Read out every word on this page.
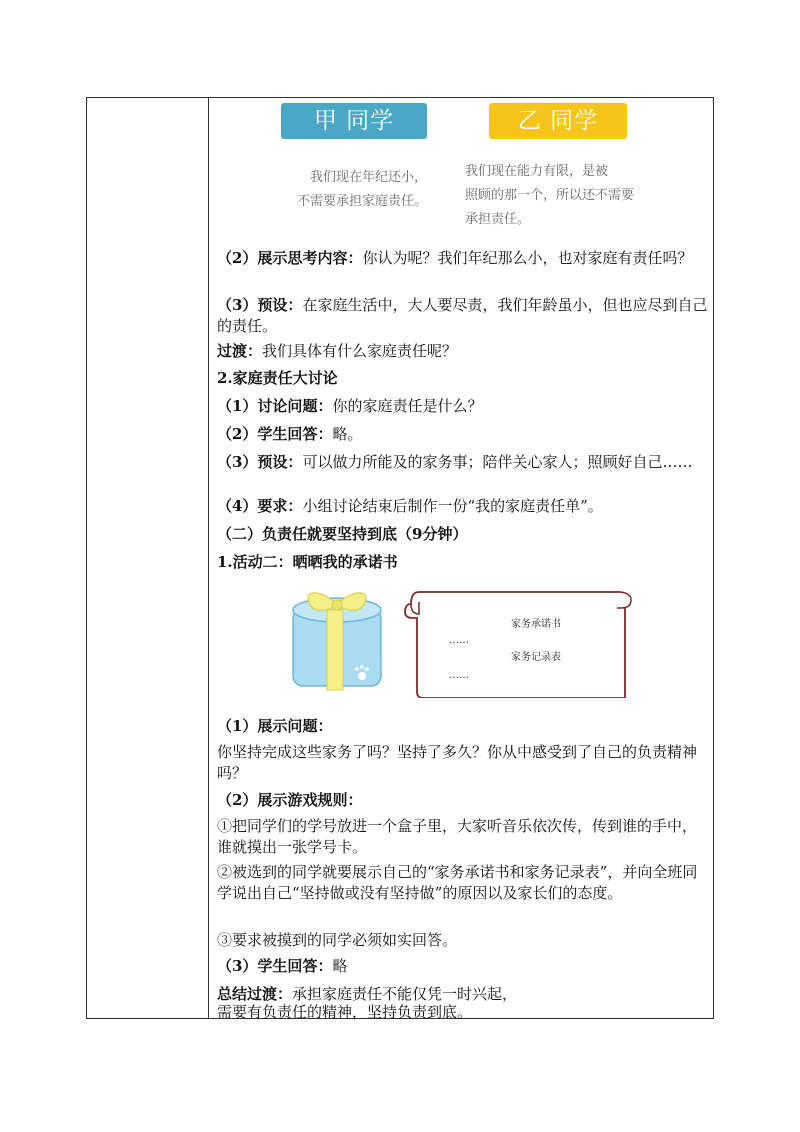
甲 同学	乙 同学
我们现在年纪还小，
不需要承担家庭责任。
我们现在能力有限，是被
照顾的那一个，所以还不需要
承担责任。
（2）展示思考内容：你认为呢？我们年纪那么小，也对家庭有责任吗？
（3）预设：在家庭生活中，大人要尽责，我们年龄虽小，但也应尽到自己的责任。
过渡：我们具体有什么家庭责任呢？
2.家庭责任大讨论
（1）讨论问题：你的家庭责任是什么？
（2）学生回答：略。
（3）预设：可以做力所能及的家务事；陪伴关心家人；照顾好自己……
（4）要求：小组讨论结束后制作一份“我的家庭责任单”。
（二）负责任就要坚持到底（9分钟）
1.活动二：晒晒我的承诺书
家务承诺书
……
家务记录表
……
（1）展示问题：
你坚持完成这些家务了吗？坚持了多久？你从中感受到了自己的负责精神吗？
（2）展示游戏规则：
①把同学们的学号放进一个盒子里，大家听音乐依次传，传到谁的手中，谁就摸出一张学号卡。
②被选到的同学就要展示自己的“家务承诺书和家务记录表”，并向全班同学说出自己“坚持做或没有坚持做”的原因以及家长们的态度。
③要求被摸到的同学必须如实回答。
（3）学生回答：略
总结过渡：承担家庭责任不能仅凭一时兴起，
需要有负责任的精神，坚持负责到底。
